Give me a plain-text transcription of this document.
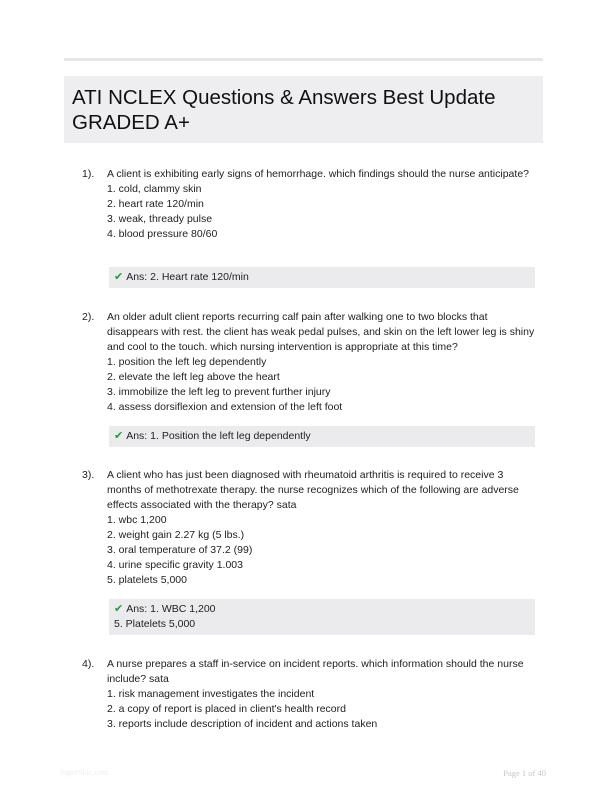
ATI NCLEX Questions & Answers Best Update GRADED A+
1). A client is exhibiting early signs of hemorrhage. which findings should the nurse anticipate?

1. cold, clammy skin

2. heart rate 120/min

3. weak, thready pulse

4. blood pressure 80/60

✔ Ans: 2. Heart rate 120/min
2). An older adult client reports recurring calf pain after walking one to two blocks that disappears with rest. the client has weak pedal pulses, and skin on the left lower leg is shiny and cool to the touch. which nursing intervention is appropriate at this time?

1. position the left leg dependently

2. elevate the left leg above the heart

3. immobilize the left leg to prevent further injury

4. assess dorsiflexion and extension of the left foot

✔ Ans: 1. Position the left leg dependently
3). A client who has just been diagnosed with rheumatoid arthritis is required to receive 3 months of methotrexate therapy. the nurse recognizes which of the following are adverse effects associated with the therapy? sata

1. wbc 1,200

2. weight gain 2.27 kg (5 lbs.)

3. oral temperature of 37.2 (99)

4. urine specific gravity 1.003

5. platelets 5,000

✔ Ans: 1. WBC 1,200
5. Platelets 5,000
4). A nurse prepares a staff in-service on incident reports. which information should the nurse include? sata

1. risk management investigates the incident

2. a copy of report is placed in client's health record

3. reports include description of incident and actions taken

PaperSbic.com	Page 1 of 40
